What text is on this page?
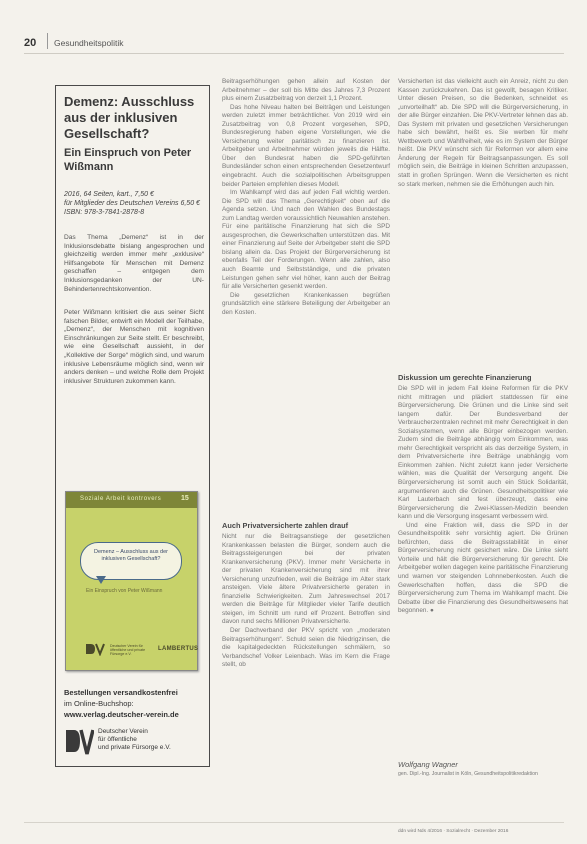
20 Gesundheitspolitik
Demenz: Ausschluss aus der inklusiven Gesellschaft?
Ein Einspruch von Peter Wißmann
2016, 64 Seiten, kart., 7,50 €
für Mitglieder des Deutschen Vereins 6,50 €
ISBN: 978-3-7841-2878-8

Das Thema „Demenz“ ist in der Inklusionsdebatte bislang angesprochen und gleichzeitig werden immer mehr „exklusive“ Hilfsangebote für Menschen mit Demenz geschaffen – entgegen dem Inklusionsgedanken der UN-Behindertenrechtskonvention.

Peter Wißmann kritisiert die aus seiner Sicht falschen Bilder, entwirft ein Modell der Teilhabe, „Demenz“, der Menschen mit kognitiven Einschränkungen zur Seite stellt. Er beschreibt, wie eine Gesellschaft aussieht, in der „Kollektive der Sorge“ möglich sind, und warum inklusive Lebensräume möglich sind, wenn wir anders denken – und welche Rolle dem Projekt inklusiver Strukturen zukommen kann.

Soziale Arbeit kontrovers	15
Demenz – Ausschluss aus der inklusiven Gesellschaft?
Ein Einspruch von Peter Wißmann
Deutscher Verein für öffentliche und private Fürsorge e.V.
LAMBERTUS
Bestellungen versandkostenfrei
im Online-Buchshop:
www.verlag.deutscher-verein.de
Deutscher Verein
für öffentliche
und private Fürsorge e.V.

Beitragserhöhungen gehen allein auf Kosten der Arbeitnehmer – der soll bis Mitte des Jahres 7,3 Prozent plus einem Zusatzbeitrag von derzeit 1,1 Prozent.

Das hohe Niveau halten bei Beiträgen und Leistungen werden zuletzt immer beträchtlicher. Von 2019 wird ein Zusatzbeitrag von 0,8 Prozent vorgesehen, SPD, Bundesregierung haben eigene Vorstellungen, wie die Versicherung weiter paritätisch zu finanzieren ist. Arbeitgeber und Arbeitnehmer würden jeweils die Hälfte. Über den Bundesrat haben die SPD-geführten Bundesländer schon einen entsprechenden Gesetzentwurf eingebracht. Auch die sozialpolitischen Arbeitsgruppen beider Parteien empfehlen dieses Modell.

Im Wahlkampf wird das auf jeden Fall wichtig werden. Die SPD will das Thema „Gerechtigkeit“ oben auf die Agenda setzen. Und nach den Wahlen des Bundestags zum Landtag werden voraussichtlich Neuwahlen anstehen. Für eine paritätische Finanzierung hat sich die SPD ausgesprochen, die Gewerkschaften unterstützen das. Mit einer Finanzierung auf Seite der Arbeitgeber steht die SPD bislang allein da. Das Projekt der Bürgerversicherung ist ebenfalls Teil der Forderungen. Wenn alle zahlen, also auch Beamte und Selbstständige, und die privaten Leistungen gehen sehr viel höher, kann auch der Beitrag für alle Versicherten gesenkt werden.

Die gesetzlichen Krankenkassen begrüßen grundsätzlich eine stärkere Beteiligung der Arbeitgeber an den Kosten.

Auch Privatversicherte zahlen drauf

Nicht nur die Beitragsanstiege der gesetzlichen Krankenkassen belasten die Bürger, sondern auch die Beitragssteigerungen bei der privaten Krankenversicherung (PKV). Immer mehr Versicherte in der privaten Krankenversicherung sind mit ihrer Versicherung unzufrieden, weil die Beiträge im Alter stark ansteigen. Viele ältere Privatversicherte geraten in finanzielle Schwierigkeiten. Zum Jahreswechsel 2017 werden die Beiträge für Mitglieder vieler Tarife deutlich steigen, im Schnitt um rund elf Prozent. Betroffen sind davon rund sechs Millionen Privatversicherte.

Der Dachverband der PKV spricht von „moderaten Beitragserhöhungen“. Schuld seien die Niedrigzinsen, die die kapitalgedeckten Rückstellungen schmälern, so Verbandschef Volker Leienbach. Was im Kern die Frage stellt, ob

Versicherten ist das vielleicht auch ein Anreiz, nicht zu den Kassen zurückzukehren. Das ist gewollt, besagen Kritiker. Unter diesen Preisen, so die Bedenken, schneidet es „unvorteilhaft“ ab. Die SPD will die Bürgerversicherung, in der alle Bürger einzahlen. Die PKV-Vertreter lehnen das ab. Das System mit privaten und gesetzlichen Versicherungen habe sich bewährt, heißt es. Sie werben für mehr Wettbewerb und Wahlfreiheit, wie es im System der Bürger heißt. Die PKV wünscht sich für Reformen vor allem eine Änderung der Regeln für Beitragsanpassungen. Es soll möglich sein, die Beiträge in kleinen Schritten anzupassen, statt in großen Sprüngen. Wenn die Versicherten es nicht so stark merken, nehmen sie die Erhöhungen auch hin.

Diskussion um gerechte Finanzierung

Die SPD will in jedem Fall kleine Reformen für die PKV nicht mittragen und plädiert stattdessen für eine Bürgerversicherung. Die Grünen und die Linke sind seit langem dafür. Der Bundesverband der Verbraucherzentralen rechnet mit mehr Gerechtigkeit in den Sozialsystemen, wenn alle Bürger einbezogen werden. Zudem sind die Beiträge abhängig vom Einkommen, was mehr Gerechtigkeit verspricht als das derzeitige System, in dem Privatversicherte ihre Beiträge unabhängig vom Einkommen zahlen. Nicht zuletzt kann jeder Versicherte wählen, was die Qualität der Versorgung angeht. Die Bürgerversicherung ist somit auch ein Stück Solidarität, argumentieren auch die Grünen. Gesundheitspolitiker wie Karl Lauterbach sind fest überzeugt, dass eine Bürgerversicherung die Zwei-Klassen-Medizin beenden kann und die Versorgung insgesamt verbessern wird.

Und eine Fraktion will, dass die SPD in der Gesundheitspolitik sehr vorsichtig agiert. Die Grünen befürchten, dass die Beitragsstabilität in einer Bürgerversicherung nicht gesichert wäre. Die Linke sieht Vorteile und hält die Bürgerversicherung für gerecht. Die Arbeitgeber wollen dagegen keine paritätische Finanzierung und warnen vor steigenden Lohnnebenkosten. Auch die Gewerkschaften hoffen, dass die SPD die Bürgerversicherung zum Thema im Wahlkampf macht. Die Debatte über die Finanzierung des Gesundheitswesens hat begonnen. ●

Wolfgang Wagner

gen. Dipl.-Ing. Journalist in Köln, Gesundheitspolitikredaktion

ddn wird Nds 4/2016 · Sozialrecht · Dezember 2016
